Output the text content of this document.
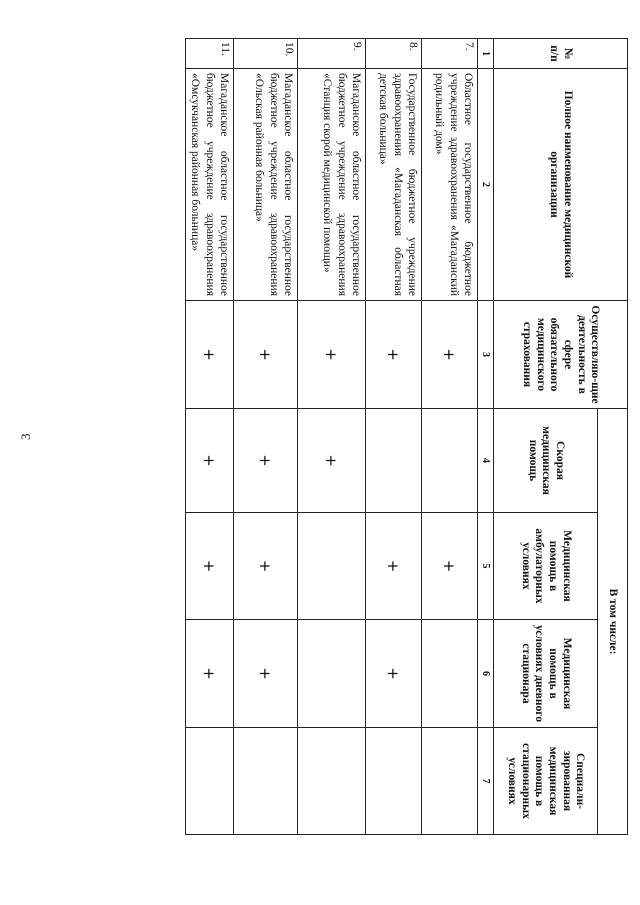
3
№ п/п	Полное наименование медицинской организации	Осуществляю-щие деятельность в сфере обязательного медицинского страхования	В том числе:			
			Скорая медицинская помощь	Медицинская помощь в амбулаторных условиях	Медицинская помощь в условиях дневного стационара	Специали-зированная медицинская помощь в стационарных условиях
1	2	3	4	5	6	7
7.	Областное государственное бюджетное учреждение здравоохранения «Магаданский родильный дом»	+		+		
8.	Государственное бюджетное учреждение здравоохранения «Магаданская областная детская больница»	+		+	+	
9.	Магаданское областное государственное бюджетное учреждение здравоохранения «Станция скорой медицинской помощи»	+	+			
10.	Магаданское областное государственное бюджетное учреждение здравоохранения «Ольская районная больница»	+	+	+	+	
11.	Магаданское областное государственное бюджетное учреждение здравоохранения «Омсукчанская районная больница»	+	+	+	+	
